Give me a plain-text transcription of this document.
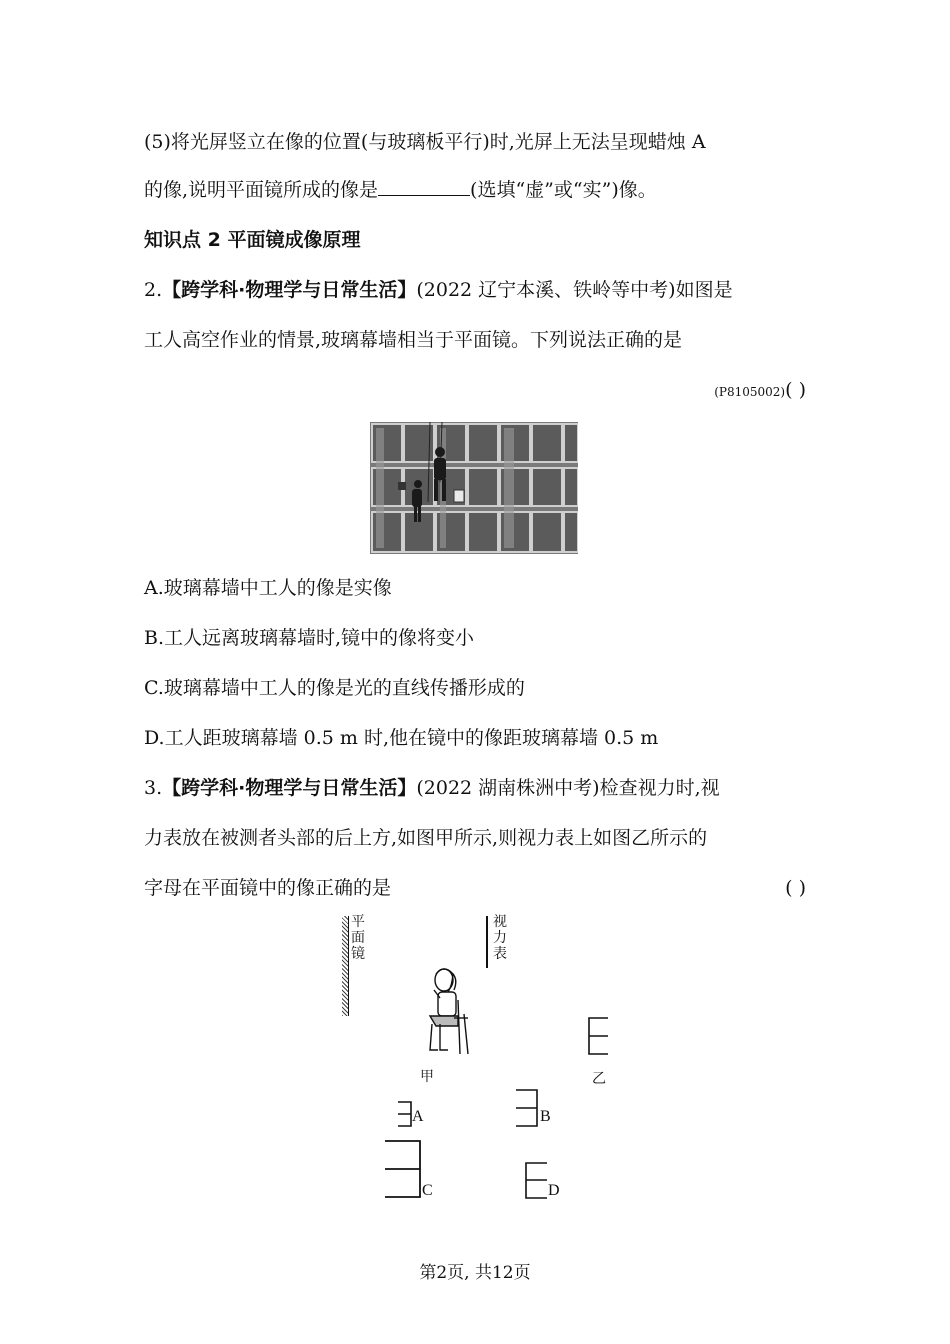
(5)将光屏竖立在像的位置(与玻璃板平行)时,光屏上无法呈现蜡烛 A
的像,说明平面镜所成的像是	(选填“虚”或“实”)像。
知识点 2 平面镜成像原理
2.【跨学科·物理学与日常生活】(2022 辽宁本溪、铁岭等中考)如图是
工人高空作业的情景,玻璃幕墙相当于平面镜。下列说法正确的是
(P8105002)( )
A.玻璃幕墙中工人的像是实像
B.工人远离玻璃幕墙时,镜中的像将变小
C.玻璃幕墙中工人的像是光的直线传播形成的
D.工人距玻璃幕墙 0.5 m 时,他在镜中的像距玻璃幕墙 0.5 m
3.【跨学科·物理学与日常生活】(2022 湖南株洲中考)检查视力时,视
力表放在被测者头部的后上方,如图甲所示,则视力表上如图乙所示的
字母在平面镜中的像正确的是	( )
平面镜
视力表
甲	乙
A	B
C	D
第2页, 共12页
